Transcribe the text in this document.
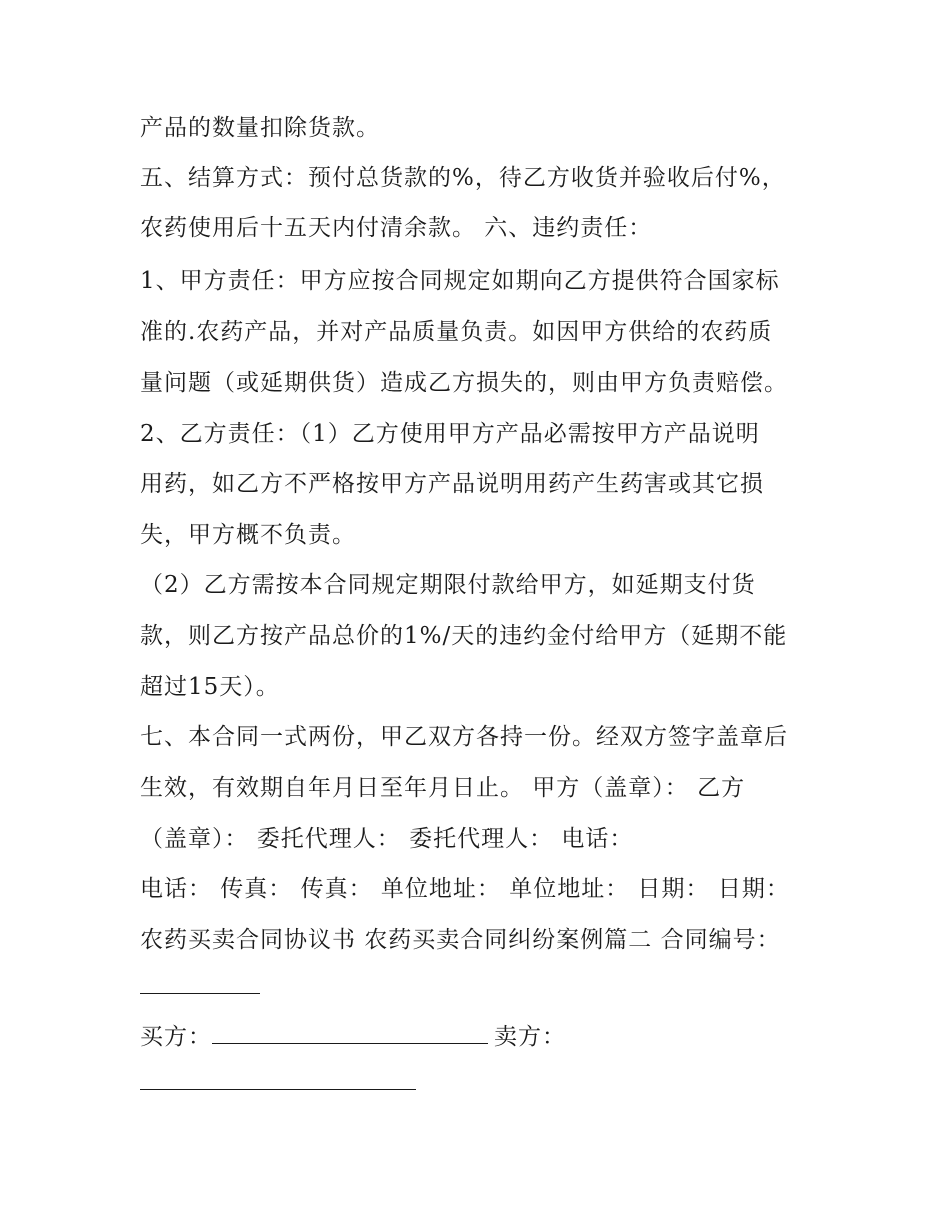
产品的数量扣除货款。
五、结算方式：预付总货款的%，待乙方收货并验收后付%，
农药使用后十五天内付清余款。 六、违约责任：
1、甲方责任：甲方应按合同规定如期向乙方提供符合国家标
准的.农药产品，并对产品质量负责。如因甲方供给的农药质
量问题（或延期供货）造成乙方损失的，则由甲方负责赔偿。
2、乙方责任：（1）乙方使用甲方产品必需按甲方产品说明
用药，如乙方不严格按甲方产品说明用药产生药害或其它损
失，甲方概不负责。
（2）乙方需按本合同规定期限付款给甲方，如延期支付货
款，则乙方按产品总价的1%/天的违约金付给甲方（延期不能
超过15天）。
七、本合同一式两份，甲乙双方各持一份。经双方签字盖章后
生效，有效期自年月日至年月日止。 甲方（盖章）： 乙方
（盖章）： 委托代理人： 委托代理人： 电话：
电话： 传真： 传真： 单位地址： 单位地址： 日期： 日期：
农药买卖合同协议书 农药买卖合同纠纷案例篇二 合同编号：
买方：	卖方：
